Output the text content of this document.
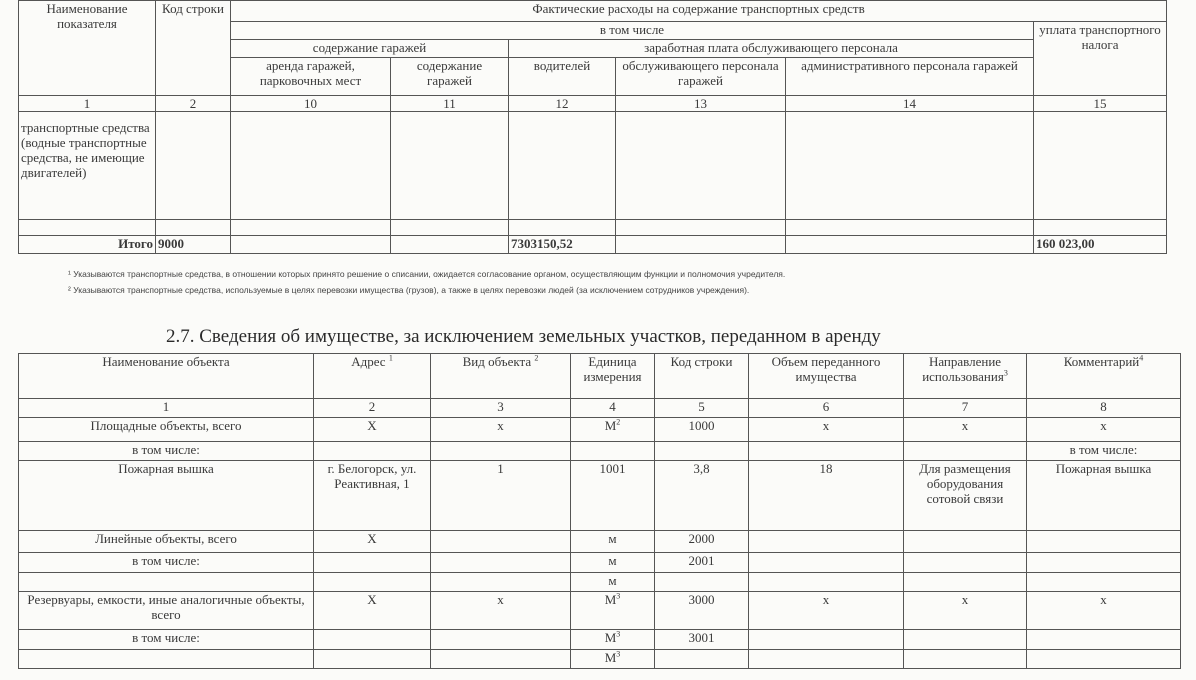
Наименование показателя	Код строки	Фактические расходы на содержание транспортных средств					
		в том числе					уплата транспортного налога
		содержание гаражей		заработная плата обслуживающего персонала			
		аренда гаражей, парковочных мест	содержание гаражей	водителей	обслуживающего персонала гаражей	административного персонала гаражей	
1	2	10	11	12	13	14	15
транспортные средства (водные транспортные средства, не имеющие двигателей)							

Итого	9000			7303150,52			160 023,00
¹ Указываются транспортные средства, в отношении которых принято решение о списании, ожидается согласование органом, осуществляющим функции и полномочия учредителя.
² Указываются транспортные средства, используемые в целях перевозки имущества (грузов), а также в целях перевозки людей (за исключением сотрудников учреждения).
2.7. Сведения об имуществе, за исключением земельных участков, переданном в аренду
Наименование объекта	Адрес $^1$	Вид объекта $^2$	Единица измерения	Код строки	Объем переданного имущества	Направление использования$^3$	Комментарий$^4$
1	2	3	4	5	6	7	8
Площадные объекты, всего	X	x	$M^2$	1000	x	x	x
в том числе:							в том числе:
Пожарная вышка	г. Белогорск, ул. Реактивная, 1	1	1001	3,8	18	Для размещения оборудования сотовой связи	Пожарная вышка
Линейные объекты, всего	X		м	2000			
в том числе:			м	2001			
			м				
Резервуары, емкости, иные аналогичные объекты, всего	X	x	$M^3$	3000	x	x	x
в том числе:			$M^3$	3001			
			$M^3$				
